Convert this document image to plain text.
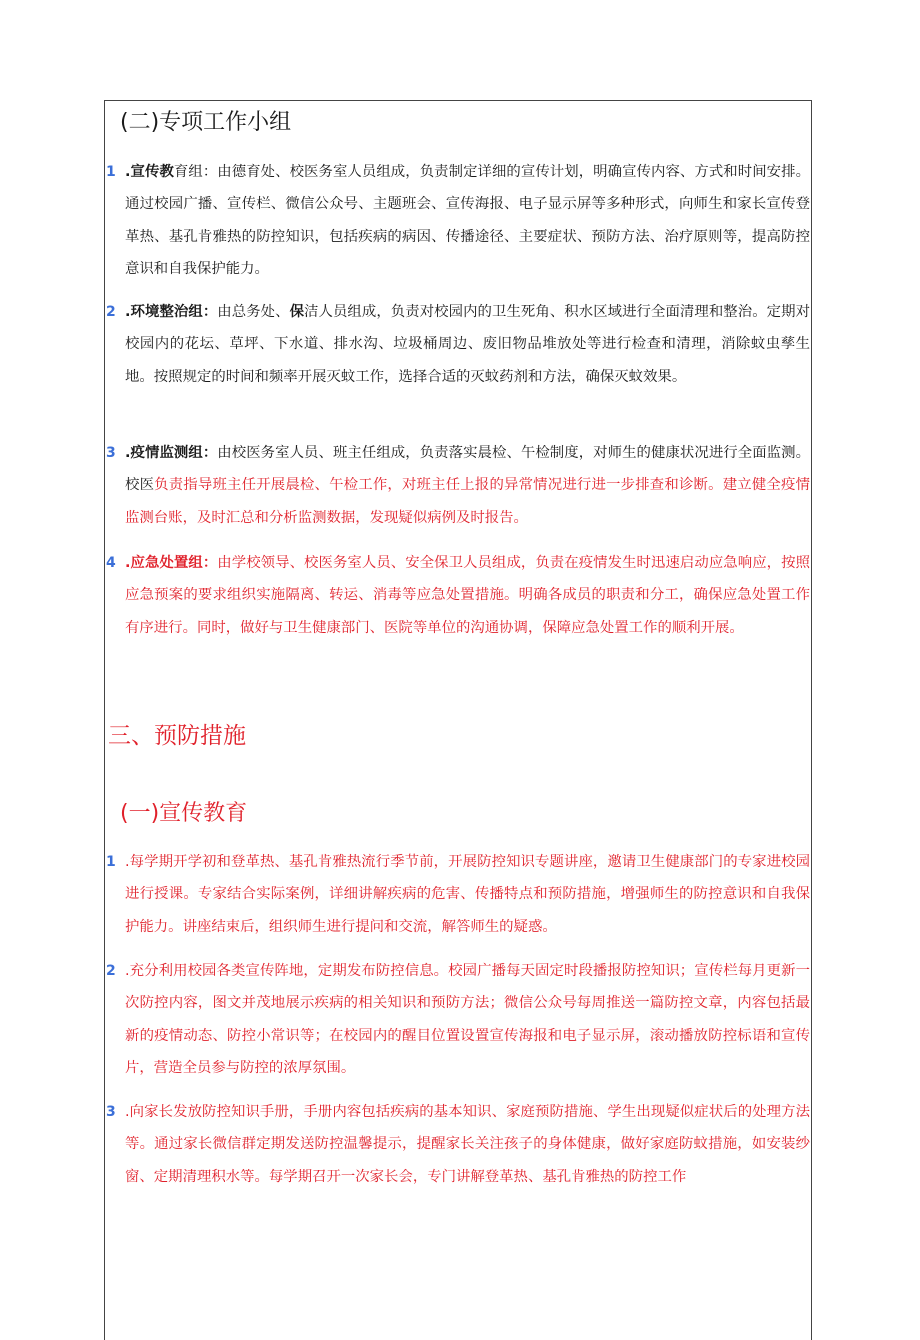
(二)专项工作小组
1 .宣传教育组：由德育处、校医务室人员组成，负责制定详细的宣传计划，明确宣传内容、方式和时间安排。通过校园广播、宣传栏、微信公众号、主题班会、宣传海报、电子显示屏等多种形式，向师生和家长宣传登革热、基孔肯雅热的防控知识，包括疾病的病因、传播途径、主要症状、预防方法、治疗原则等，提高防控意识和自我保护能力。
2 .环境整治组：由总务处、保洁人员组成，负责对校园内的卫生死角、积水区域进行全面清理和整治。定期对校园内的花坛、草坪、下水道、排水沟、垃圾桶周边、废旧物品堆放处等进行检查和清理，消除蚊虫孳生地。按照规定的时间和频率开展灭蚊工作，选择合适的灭蚊药剂和方法，确保灭蚊效果。
3 .疫情监测组：由校医务室人员、班主任组成，负责落实晨检、午检制度，对师生的健康状况进行全面监测。校医负责指导班主任开展晨检、午检工作，对班主任上报的异常情况进行进一步排查和诊断。建立健全疫情监测台账，及时汇总和分析监测数据，发现疑似病例及时报告。
4 .应急处置组：由学校领导、校医务室人员、安全保卫人员组成，负责在疫情发生时迅速启动应急响应，按照应急预案的要求组织实施隔离、转运、消毒等应急处置措施。明确各成员的职责和分工，确保应急处置工作有序进行。同时，做好与卫生健康部门、医院等单位的沟通协调，保障应急处置工作的顺利开展。
三、预防措施
(一)宣传教育
1 .每学期开学初和登革热、基孔肯雅热流行季节前，开展防控知识专题讲座，邀请卫生健康部门的专家进校园进行授课。专家结合实际案例，详细讲解疾病的危害、传播特点和预防措施，增强师生的防控意识和自我保护能力。讲座结束后，组织师生进行提问和交流，解答师生的疑惑。
2 .充分利用校园各类宣传阵地，定期发布防控信息。校园广播每天固定时段播报防控知识；宣传栏每月更新一次防控内容，图文并茂地展示疾病的相关知识和预防方法；微信公众号每周推送一篇防控文章，内容包括最新的疫情动态、防控小常识等；在校园内的醒目位置设置宣传海报和电子显示屏，滚动播放防控标语和宣传片，营造全员参与防控的浓厚氛围。
3 .向家长发放防控知识手册，手册内容包括疾病的基本知识、家庭预防措施、学生出现疑似症状后的处理方法等。通过家长微信群定期发送防控温馨提示，提醒家长关注孩子的身体健康，做好家庭防蚊措施，如安装纱窗、定期清理积水等。每学期召开一次家长会，专门讲解登革热、基孔肯雅热的防控工作
